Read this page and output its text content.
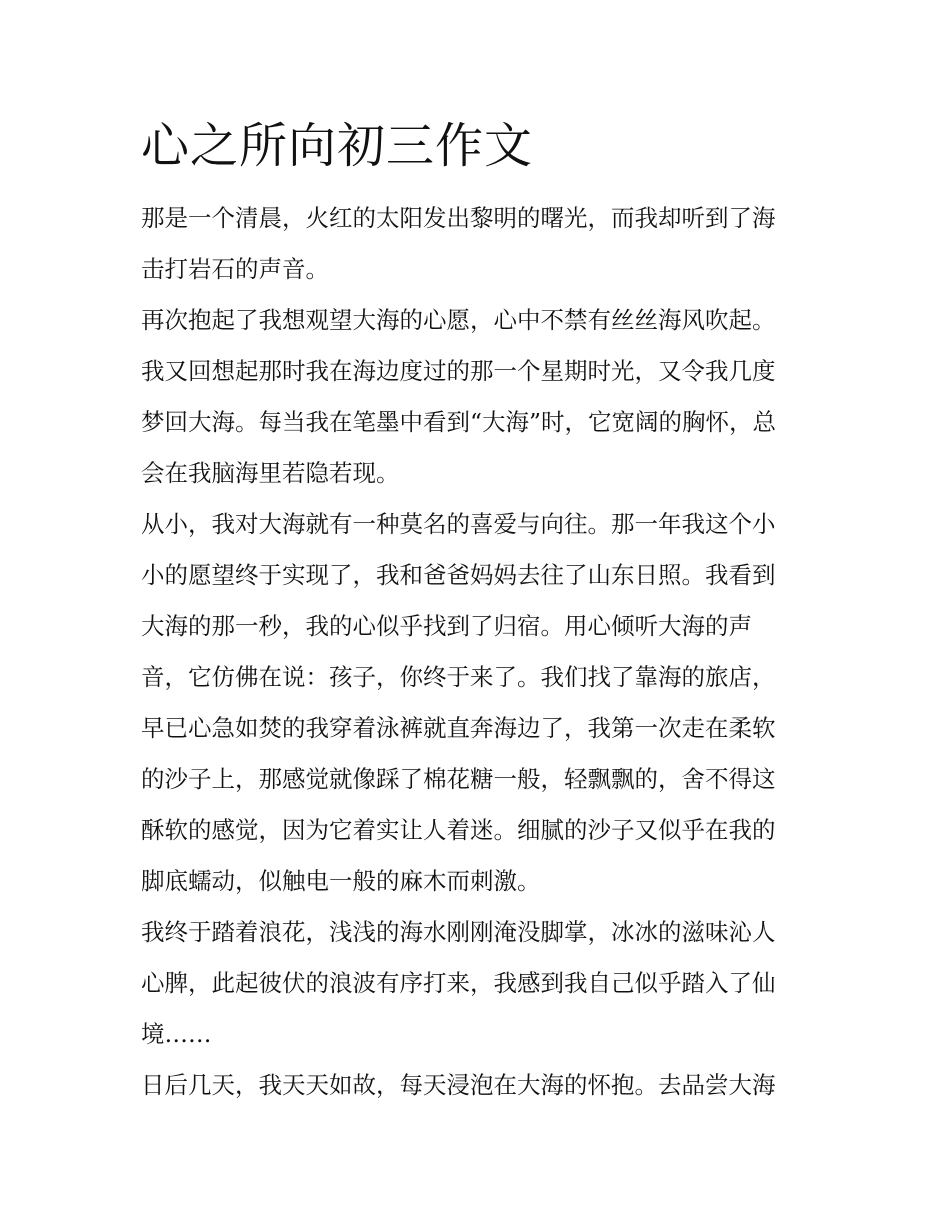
心之所向初三作文

那是一个清晨，火红的太阳发出黎明的曙光，而我却听到了海

击打岩石的声音。

再次抱起了我想观望大海的心愿，心中不禁有丝丝海风吹起。

我又回想起那时我在海边度过的那一个星期时光，又令我几度

梦回大海。每当我在笔墨中看到“大海”时，它宽阔的胸怀，总

会在我脑海里若隐若现。

从小，我对大海就有一种莫名的喜爱与向往。那一年我这个小

小的愿望终于实现了，我和爸爸妈妈去往了山东日照。我看到

大海的那一秒，我的心似乎找到了归宿。用心倾听大海的声

音，它仿佛在说：孩子，你终于来了。我们找了靠海的旅店，

早已心急如焚的我穿着泳裤就直奔海边了，我第一次走在柔软

的沙子上，那感觉就像踩了棉花糖一般，轻飘飘的，舍不得这

酥软的感觉，因为它着实让人着迷。细腻的沙子又似乎在我的

脚底蠕动，似触电一般的麻木而刺激。

我终于踏着浪花，浅浅的海水刚刚淹没脚掌，冰冰的滋味沁人

心脾，此起彼伏的浪波有序打来，我感到我自己似乎踏入了仙

境……

日后几天，我天天如故，每天浸泡在大海的怀抱。去品尝大海
